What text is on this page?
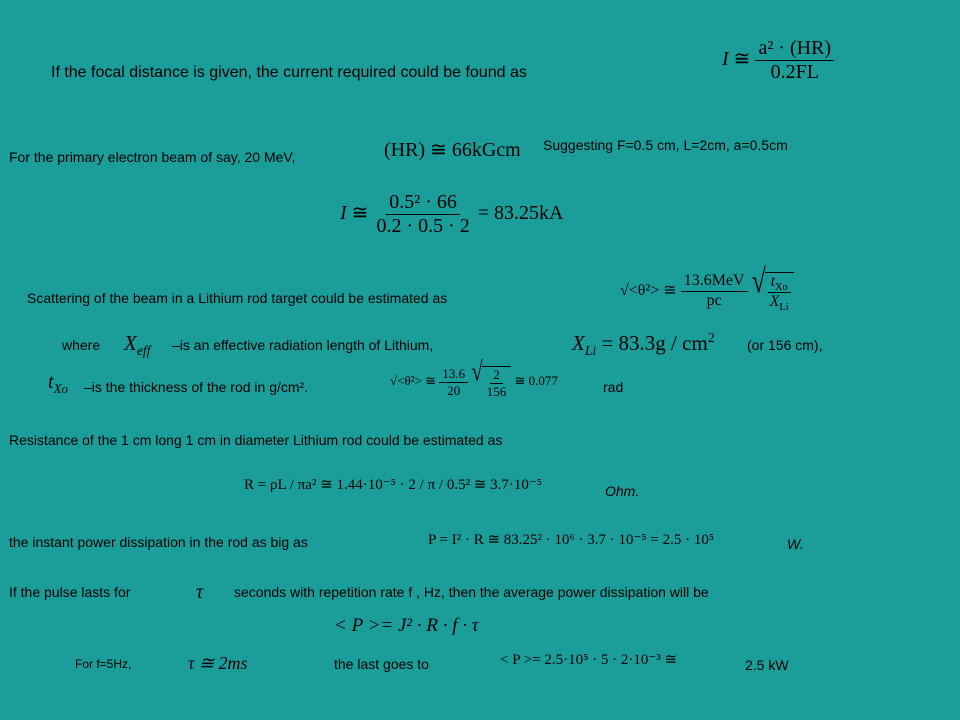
If the focal distance is given, the current required could be found as
I ≅ $\frac{\text{a² · (HR)}}{0.2FL}$
Suggesting F=0.5 cm, L=2cm, a=0.5cm
For the primary electron beam of say, 20 MeV,	(HR) ≅ 66kGcm
I ≅ $\frac{\text{0.5² · 66}}{0.2 \cdot 0.5 \cdot 2} = 83.25kA$
Scattering of the beam in a Lithium rod target could be estimated as	√<θ²> ≅ $\frac{\text{13.6MeV}}{pc}$
√ $\frac{t_{Xo}}{X_{Li}}$
where $X_{eff}$ –is an effective radiation length of Lithium,	$X_{Li} = 83.3g / cm^2$ (or 156 cm),
$t_{Xo}$ –is the thickness of the rod in g/cm².	√<θ²> ≅ $\frac{13.6}{20}$
√ $\frac{2}{156}$ ≅ 0.077	rad
Resistance of the 1 cm long 1 cm in diameter Lithium rod could be estimated as
R = ρL / πa² ≅ 1.44·10⁻⁵ · 2 / π / 0.5² ≅ 3.7·10⁻⁵	Ohm.
the instant power dissipation in the rod as big as	P = I² · R ≅ 83.25² · 10⁶ · 3.7 · 10⁻⁵ = 2.5 · 10⁵	W.
If the pulse lasts for	τ seconds with repetition rate f , Hz, then the average power dissipation will be
< P >= J² · R · f · τ
For f=5Hz,	τ ≅ 2ms	the last goes to	< P >= 2.5·10⁵ · 5 · 2·10⁻³ ≅	2.5 kW
